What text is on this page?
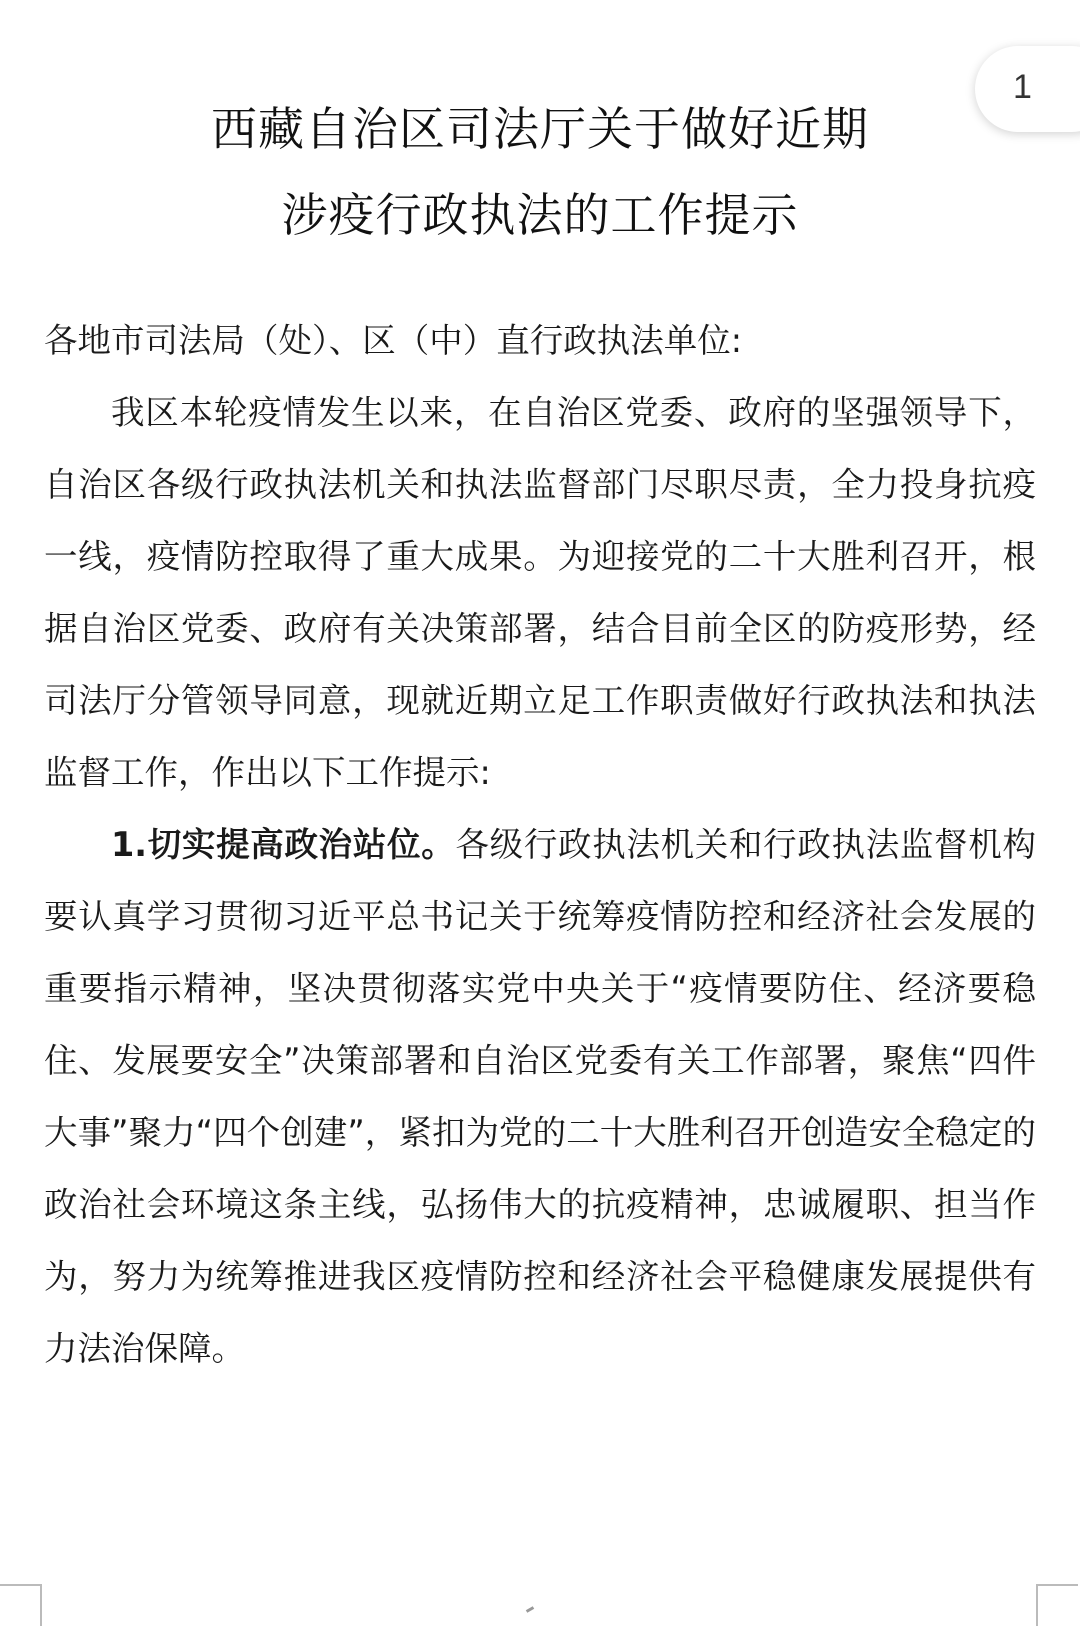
1
西藏自治区司法厅关于做好近期
涉疫行政执法的工作提示

各地市司法局（处）、区（中）直行政执法单位:

我区本轮疫情发生以来，在自治区党委、政府的坚强领导下，自治区各级行政执法机关和执法监督部门尽职尽责，全力投身抗疫一线，疫情防控取得了重大成果。为迎接党的二十大胜利召开，根据自治区党委、政府有关决策部署，结合目前全区的防疫形势，经司法厅分管领导同意，现就近期立足工作职责做好行政执法和执法监督工作，作出以下工作提示:

1.切实提高政治站位。各级行政执法机关和行政执法监督机构要认真学习贯彻习近平总书记关于统筹疫情防控和经济社会发展的重要指示精神，坚决贯彻落实党中央关于“疫情要防住、经济要稳住、发展要安全”决策部署和自治区党委有关工作部署，聚焦“四件大事”聚力“四个创建”，紧扣为党的二十大胜利召开创造安全稳定的政治社会环境这条主线，弘扬伟大的抗疫精神，忠诚履职、担当作为，努力为统筹推进我区疫情防控和经济社会平稳健康发展提供有力法治保障。
